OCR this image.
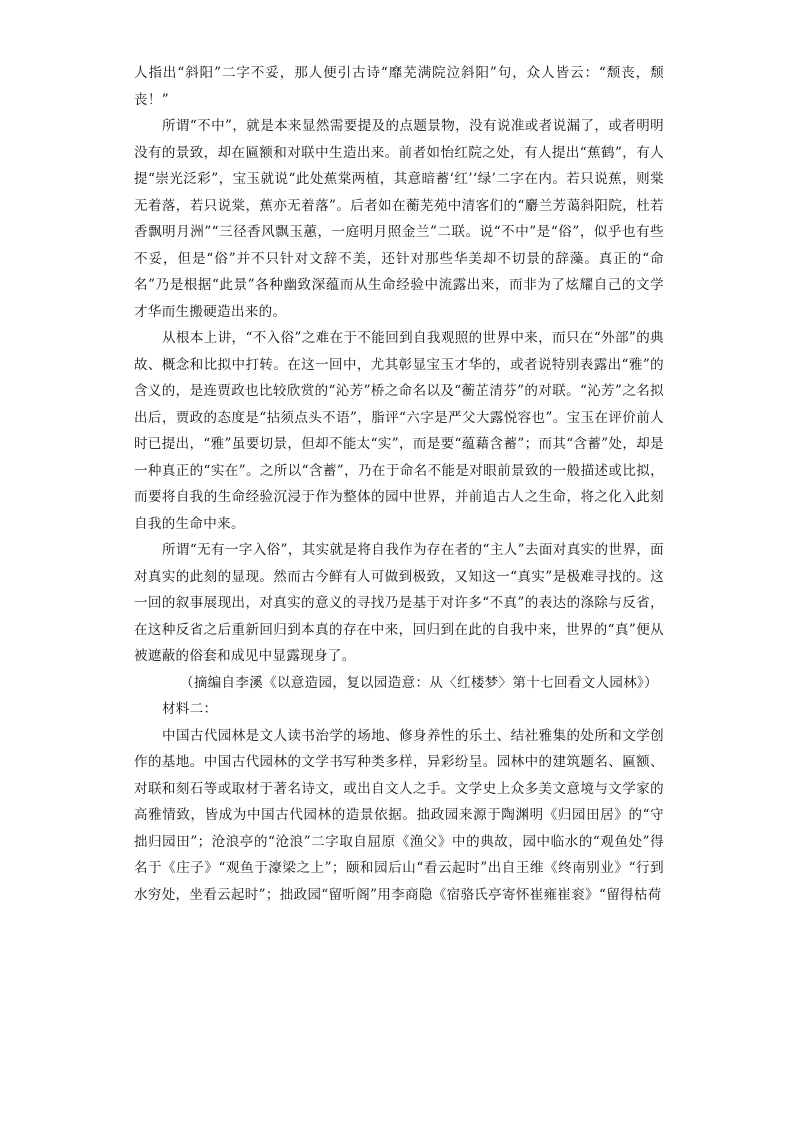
人指出“斜阳”二字不妥，那人便引古诗“靡芜满院泣斜阳”句，众人皆云：“颓丧，颓丧！”

所谓“不中”，就是本来显然需要提及的点题景物，没有说准或者说漏了，或者明明没有的景致，却在匾额和对联中生造出来。前者如怡红院之处，有人提出“蕉鹤”，有人提“崇光泛彩”，宝玉就说“此处蕉棠两植，其意暗蓄‘红’‘绿’二字在内。若只说蕉，则棠无着落，若只说棠，蕉亦无着落”。后者如在蘅芜苑中清客们的“麝兰芳蔼斜阳院，杜若香飘明月洲”“三径香风飘玉蕙，一庭明月照金兰”二联。说“不中”是“俗”，似乎也有些不妥，但是“俗”并不只针对文辞不美，还针对那些华美却不切景的辞藻。真正的“命名”乃是根据“此景”各种幽致深蕴而从生命经验中流露出来，而非为了炫耀自己的文学才华而生搬硬造出来的。

从根本上讲，“不入俗”之难在于不能回到自我观照的世界中来，而只在“外部”的典故、概念和比拟中打转。在这一回中，尤其彰显宝玉才华的，或者说特别表露出“雅”的含义的，是连贾政也比较欣赏的“沁芳”桥之命名以及“蘅芷清芬”的对联。“沁芳”之名拟出后，贾政的态度是“拈须点头不语”，脂评“六字是严父大露悦容也”。宝玉在评价前人时已提出，“雅”虽要切景，但却不能太“实”，而是要“蕴藉含蓄”；而其“含蓄”处，却是一种真正的“实在”。之所以“含蓄”，乃在于命名不能是对眼前景致的一般描述或比拟，而要将自我的生命经验沉浸于作为整体的园中世界，并前追古人之生命，将之化入此刻自我的生命中来。

所谓“无有一字入俗”，其实就是将自我作为存在者的“主人”去面对真实的世界，面对真实的此刻的显现。然而古今鲜有人可做到极致，又知这一“真实”是极难寻找的。这一回的叙事展现出，对真实的意义的寻找乃是基于对许多“不真”的表达的涤除与反省，在这种反省之后重新回归到本真的存在中来，回归到在此的自我中来，世界的“真”便从被遮蔽的俗套和成见中显露现身了。

（摘编自李溪《以意造园，复以园造意：从〈红楼梦〉第十七回看文人园林》）

材料二：

中国古代园林是文人读书治学的场地、修身养性的乐土、结社雅集的处所和文学创作的基地。中国古代园林的文学书写种类多样，异彩纷呈。园林中的建筑题名、匾额、对联和刻石等或取材于著名诗文，或出自文人之手。文学史上众多美文意境与文学家的高雅情致，皆成为中国古代园林的造景依据。拙政园来源于陶渊明《归园田居》的“守拙归园田”；沧浪亭的“沧浪”二字取自屈原《渔父》中的典故，园中临水的“观鱼处”得名于《庄子》“观鱼于濠梁之上”；颐和园后山“看云起时”出自王维《终南别业》“行到水穷处，坐看云起时”；拙政园“留听阁”用李商隐《宿骆氏亭寄怀崔雍崔衮》“留得枯荷
